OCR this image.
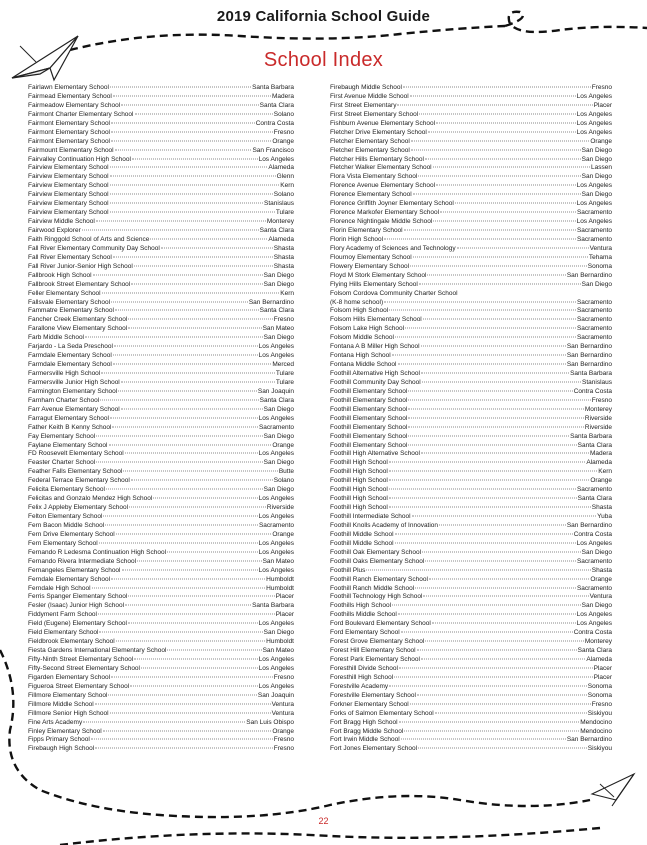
2019 California School Guide
School Index
Fairlawn Elementary School	Santa Barbara
Fairmead Elementary School	Madera
Fairmeadow Elementary School	Santa Clara
Fairmont Charter Elementary School	Solano
Fairmont Elementary School	Contra Costa
Fairmont Elementary School	Fresno
Fairmont Elementary School	Orange
Fairmount Elementary School	San Francisco
Fairvalley Continuation High School	Los Angeles
Fairview Elementary School	Alameda
Fairview Elementary School	Glenn
Fairview Elementary School	Kern
Fairview Elementary School	Solano
Fairview Elementary School	Stanislaus
Fairview Elementary School	Tulare
Fairview Middle School	Monterey
Fairwood Explorer	Santa Clara
Faith Ringgold School of Arts and Science	Alameda
Fall River Elementary Community Day School	Shasta
Fall River Elementary School	Shasta
Fall River Junior-Senior High School	Shasta
Fallbrook High School	San Diego
Fallbrook Street Elementary School	San Diego
Feller Elementary School	Kern
Fallsvale Elementary School	San Bernardino
Fammatre Elementary School	Santa Clara
Fancher Creek Elementary School	Fresno
Farallone View Elementary School	San Mateo
Farb Middle School	San Diego
Farjardo - La Seda Preschool	Los Angeles
Farmdale Elementary School	Los Angeles
Farmdale Elementary School	Merced
Farmersville High School	Tulare
Farmersville Junior High School	Tulare
Farmington Elementary School	San Joaquin
Farnham Charter School	Santa Clara
Farr Avenue Elementary School	San Diego
Farragut Elementary School	Los Angeles
Father Keith B Kenny School	Sacramento
Fay Elementary School	San Diego
Faylane Elementary School	Orange
FD Roosevelt Elementary School	Los Angeles
Feaster Charter School	San Diego
Feather Falls Elementary School	Butte
Federal Terrace Elementary School	Solano
Felicita Elementary School	San Diego
Felicitas and Gonzalo Mendez High School	Los Angeles
Felix J Appleby Elementary School	Riverside
Felton Elementary School	Los Angeles
Fern Bacon Middle School	Sacramento
Fern Drive Elementary School	Orange
Fern Elementary School	Los Angeles
Fernando R Ledesma Continuation High School	Los Angeles
Fernando Rivera Intermediate School	San Mateo
Fernangeles Elementary School	Los Angeles
Ferndale Elementary School	Humboldt
Ferndale High School	Humboldt
Ferris Spanger Elementary School	Placer
Fesler (Isaac) Junior High School	Santa Barbara
Fiddyment Farm School	Placer
Field (Eugene) Elementary School	Los Angeles
Field Elementary School	San Diego
Fieldbrook Elementary School	Humboldt
Fiesta Gardens International Elementary School	San Mateo
Fifty-Ninth Street Elementary School	Los Angeles
Fifty-Second Street Elementary School	Los Angeles
Figarden Elementary School	Fresno
Figueroa Street Elementary School	Los Angeles
Fillmore Elementary School	San Joaquin
Fillmore Middle School	Ventura
Fillmore Senior High School	Ventura
Fine Arts Academy	San Luis Obispo
Finley Elementary School	Orange
Fipps Primary School	Fresno
Firebaugh High School	Fresno
Firebaugh Middle School	Fresno
First Avenue Middle School	Los Angeles
First Street Elementary	Placer
First Street Elementary School	Los Angeles
Fishburn Avenue Elementary School	Los Angeles
Fletcher Drive Elementary School	Los Angeles
Fletcher Elementary School	Orange
Fletcher Elementary School	San Diego
Fletcher Hills Elementary School	San Diego
Fletcher Walker Elementary School	Lassen
Flora Vista Elementary School	San Diego
Florence Avenue Elementary School	Los Angeles
Florence Elementary School	San Diego
Florence Griffith Joyner Elementary School	Los Angeles
Florence Markofer Elementary School	Sacramento
Florence Nightingale Middle School	Los Angeles
Florin Elementary School	Sacramento
Florin High School	Sacramento
Flory Academy of Sciences and Technology	Ventura
Flournoy Elementary School	Tehama
Flowery Elementary School	Sonoma
Floyd M Stork Elementary School	San Bernardino
Flying Hills Elementary School	San Diego
Folsom Cordova Community Charter School
(K-8 home school)	Sacramento
Folsom High School	Sacramento
Folsom Hills Elementary School	Sacramento
Folsom Lake High School	Sacramento
Folsom Middle School	Sacramento
Fontana A B Miller High School	San Bernardino
Fontana High School	San Bernardino
Fontana Middle School	San Bernardino
Foothill Alternative High School	Santa Barbara
Foothill Community Day School	Stanislaus
Foothill Elementary School	Contra Costa
Foothill Elementary School	Fresno
Foothill Elementary School	Monterey
Foothill Elementary School	Riverside
Foothill Elementary School	Riverside
Foothill Elementary School	Santa Barbara
Foothill Elementary School	Santa Clara
Foothill High Alternative School	Madera
Foothill High School	Alameda
Foothill High School	Kern
Foothill High School	Orange
Foothill High School	Sacramento
Foothill High School	Santa Clara
Foothill High School	Shasta
Foothill Intermediate School	Yuba
Foothill Knolls Academy of Innovation	San Bernardino
Foothill Middle School	Contra Costa
Foothill Middle School	Los Angeles
Foothill Oak Elementary School	San Diego
Foothill Oaks Elementary School	Sacramento
Foothill Plus	Shasta
Foothill Ranch Elementary School	Orange
Foothill Ranch Middle School	Sacramento
Foothill Technology High School	Ventura
Foothills High School	San Diego
Foothills Middle School	Los Angeles
Ford Boulevard Elementary School	Los Angeles
Ford Elementary School	Contra Costa
Forest Grove Elementary School	Monterey
Forest Hill Elementary School	Santa Clara
Forest Park Elementary School	Alameda
Foresthill Divide School	Placer
Foresthill High School	Placer
Forestville Academy	Sonoma
Forestville Elementary School	Sonoma
Forkner Elementary School	Fresno
Forks of Salmon Elementary School	Siskiyou
Fort Bragg High School	Mendocino
Fort Bragg Middle School	Mendocino
Fort Irwin Middle School	San Bernardino
Fort Jones Elementary School	Siskiyou
22
